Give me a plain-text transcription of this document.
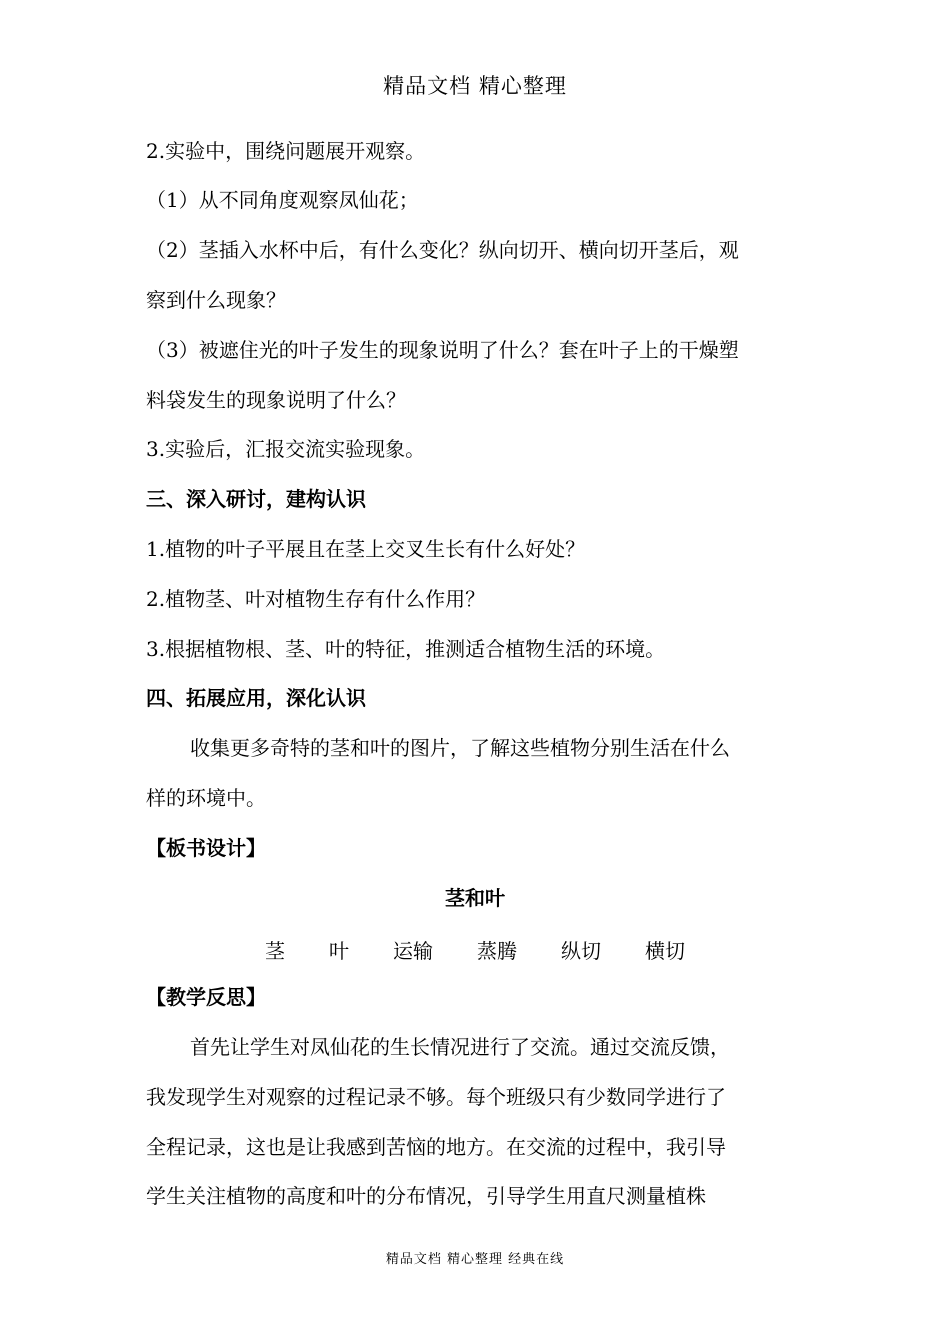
精品文档 精心整理
2.实验中，围绕问题展开观察。
（1）从不同角度观察凤仙花；
（2）茎插入水杯中后，有什么变化？纵向切开、横向切开茎后，观
察到什么现象？
（3）被遮住光的叶子发生的现象说明了什么？套在叶子上的干燥塑
料袋发生的现象说明了什么？
3.实验后，汇报交流实验现象。
三、深入研讨，建构认识
1.植物的叶子平展且在茎上交叉生长有什么好处？
2.植物茎、叶对植物生存有什么作用？
3.根据植物根、茎、叶的特征，推测适合植物生活的环境。
四、拓展应用，深化认识
收集更多奇特的茎和叶的图片，了解这些植物分别生活在什么
样的环境中。
【板书设计】
茎和叶
茎 叶 运输 蒸腾 纵切 横切
【教学反思】
首先让学生对凤仙花的生长情况进行了交流。通过交流反馈，
我发现学生对观察的过程记录不够。每个班级只有少数同学进行了
全程记录，这也是让我感到苦恼的地方。在交流的过程中，我引导
学生关注植物的高度和叶的分布情况，引导学生用直尺测量植株
精品文档 精心整理 经典在线
